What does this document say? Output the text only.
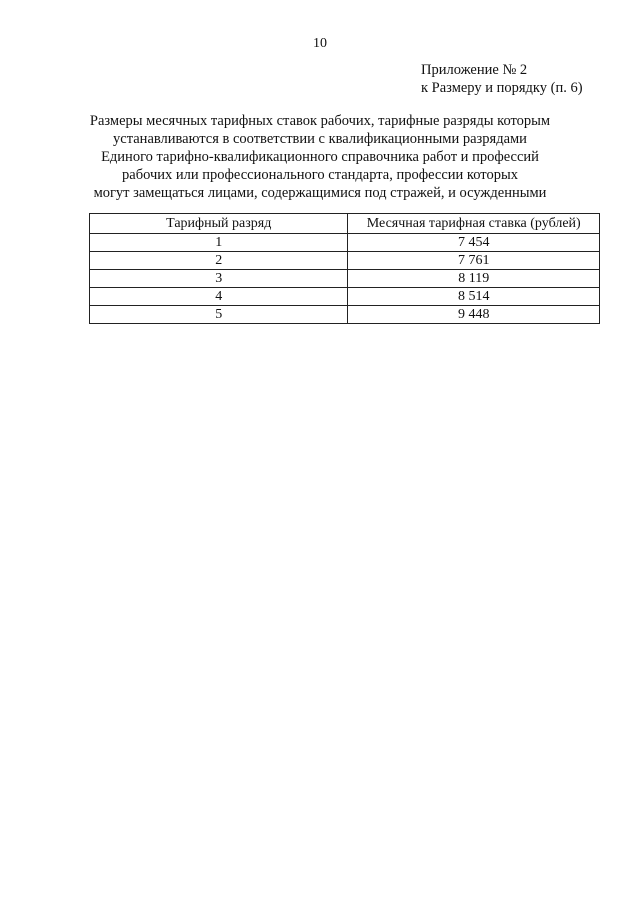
10
Приложение № 2
к Размеру и порядку (п. 6)
Размеры месячных тарифных ставок рабочих, тарифные разряды которым
устанавливаются в соответствии с квалификационными разрядами
Единого тарифно-квалификационного справочника работ и профессий
рабочих или профессионального стандарта, профессии которых
могут замещаться лицами, содержащимися под стражей, и осужденными
Тарифный разряд	Месячная тарифная ставка (рублей)
1	7 454
2	7 761
3	8 119
4	8 514
5	9 448
